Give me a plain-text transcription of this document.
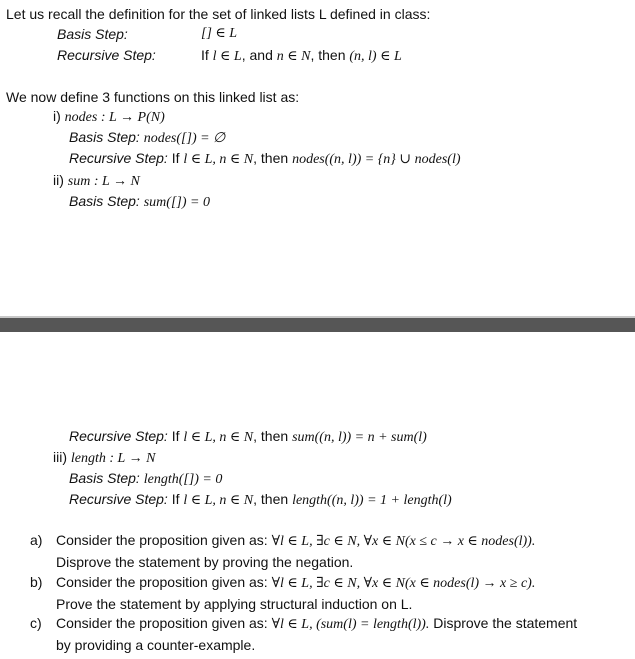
Let us recall the definition for the set of linked lists L defined in class:
Basis Step:	[] ∈ L
Recursive Step:	If l ∈ L, and n ∈ N, then (n, l) ∈ L
We now define 3 functions on this linked list as:
i) nodes : L → P(N)
Basis Step: nodes([]) = ∅
Recursive Step: If l ∈ L, n ∈ N, then nodes((n, l)) = {n} ∪ nodes(l)
ii) sum : L → N
Basis Step: sum([]) = 0
Recursive Step: If l ∈ L, n ∈ N, then sum((n, l)) = n + sum(l)
iii) length : L → N
Basis Step: length([]) = 0
Recursive Step: If l ∈ L, n ∈ N, then length((n, l)) = 1 + length(l)
a) Consider the proposition given as: ∀l ∈ L, ∃c ∈ N, ∀x ∈ N(x ≤ c → x ∈ nodes(l)).
Disprove the statement by proving the negation.
b) Consider the proposition given as: ∀l ∈ L, ∃c ∈ N, ∀x ∈ N(x ∈ nodes(l) → x ≥ c).
Prove the statement by applying structural induction on L.
c) Consider the proposition given as: ∀l ∈ L, (sum(l) = length(l)). Disprove the statement
by providing a counter-example.
